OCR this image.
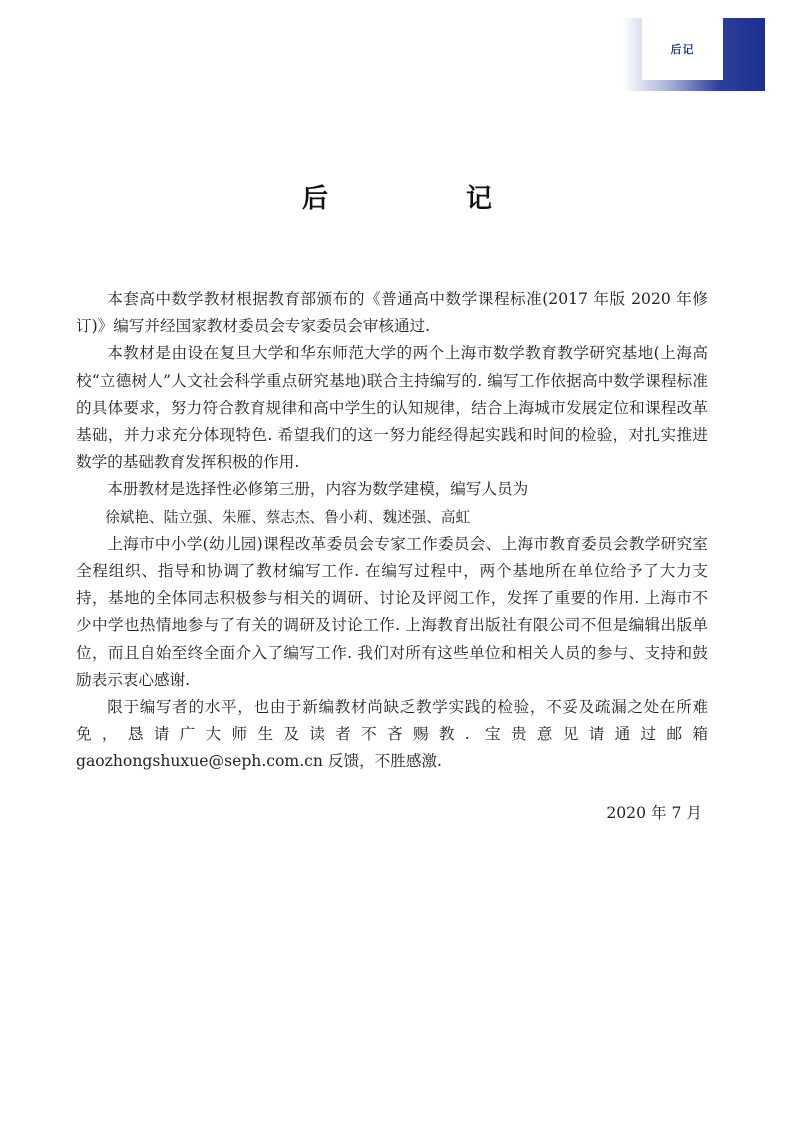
后记
后　记

本套高中数学教材根据教育部颁布的《普通高中数学课程标准(2017 年版 2020 年修订)》编写并经国家教材委员会专家委员会审核通过.

本教材是由设在复旦大学和华东师范大学的两个上海市数学教育教学研究基地(上海高校“立德树人”人文社会科学重点研究基地)联合主持编写的. 编写工作依据高中数学课程标准的具体要求，努力符合教育规律和高中学生的认知规律，结合上海城市发展定位和课程改革基础，并力求充分体现特色. 希望我们的这一努力能经得起实践和时间的检验，对扎实推进数学的基础教育发挥积极的作用.

本册教材是选择性必修第三册，内容为数学建模，编写人员为

徐斌艳、陆立强、朱雁、蔡志杰、鲁小莉、魏述强、高虹

上海市中小学(幼儿园)课程改革委员会专家工作委员会、上海市教育委员会教学研究室全程组织、指导和协调了教材编写工作. 在编写过程中，两个基地所在单位给予了大力支持，基地的全体同志积极参与相关的调研、讨论及评阅工作，发挥了重要的作用. 上海市不少中学也热情地参与了有关的调研及讨论工作. 上海教育出版社有限公司不但是编辑出版单位，而且自始至终全面介入了编写工作. 我们对所有这些单位和相关人员的参与、支持和鼓励表示衷心感谢.

限于编写者的水平，也由于新编教材尚缺乏教学实践的检验，不妥及疏漏之处在所难免，恳请广大师生及读者不吝赐教. 宝贵意见请通过邮箱 gaozhongshuxue@seph.com.cn 反馈，不胜感激.

2020 年 7 月
